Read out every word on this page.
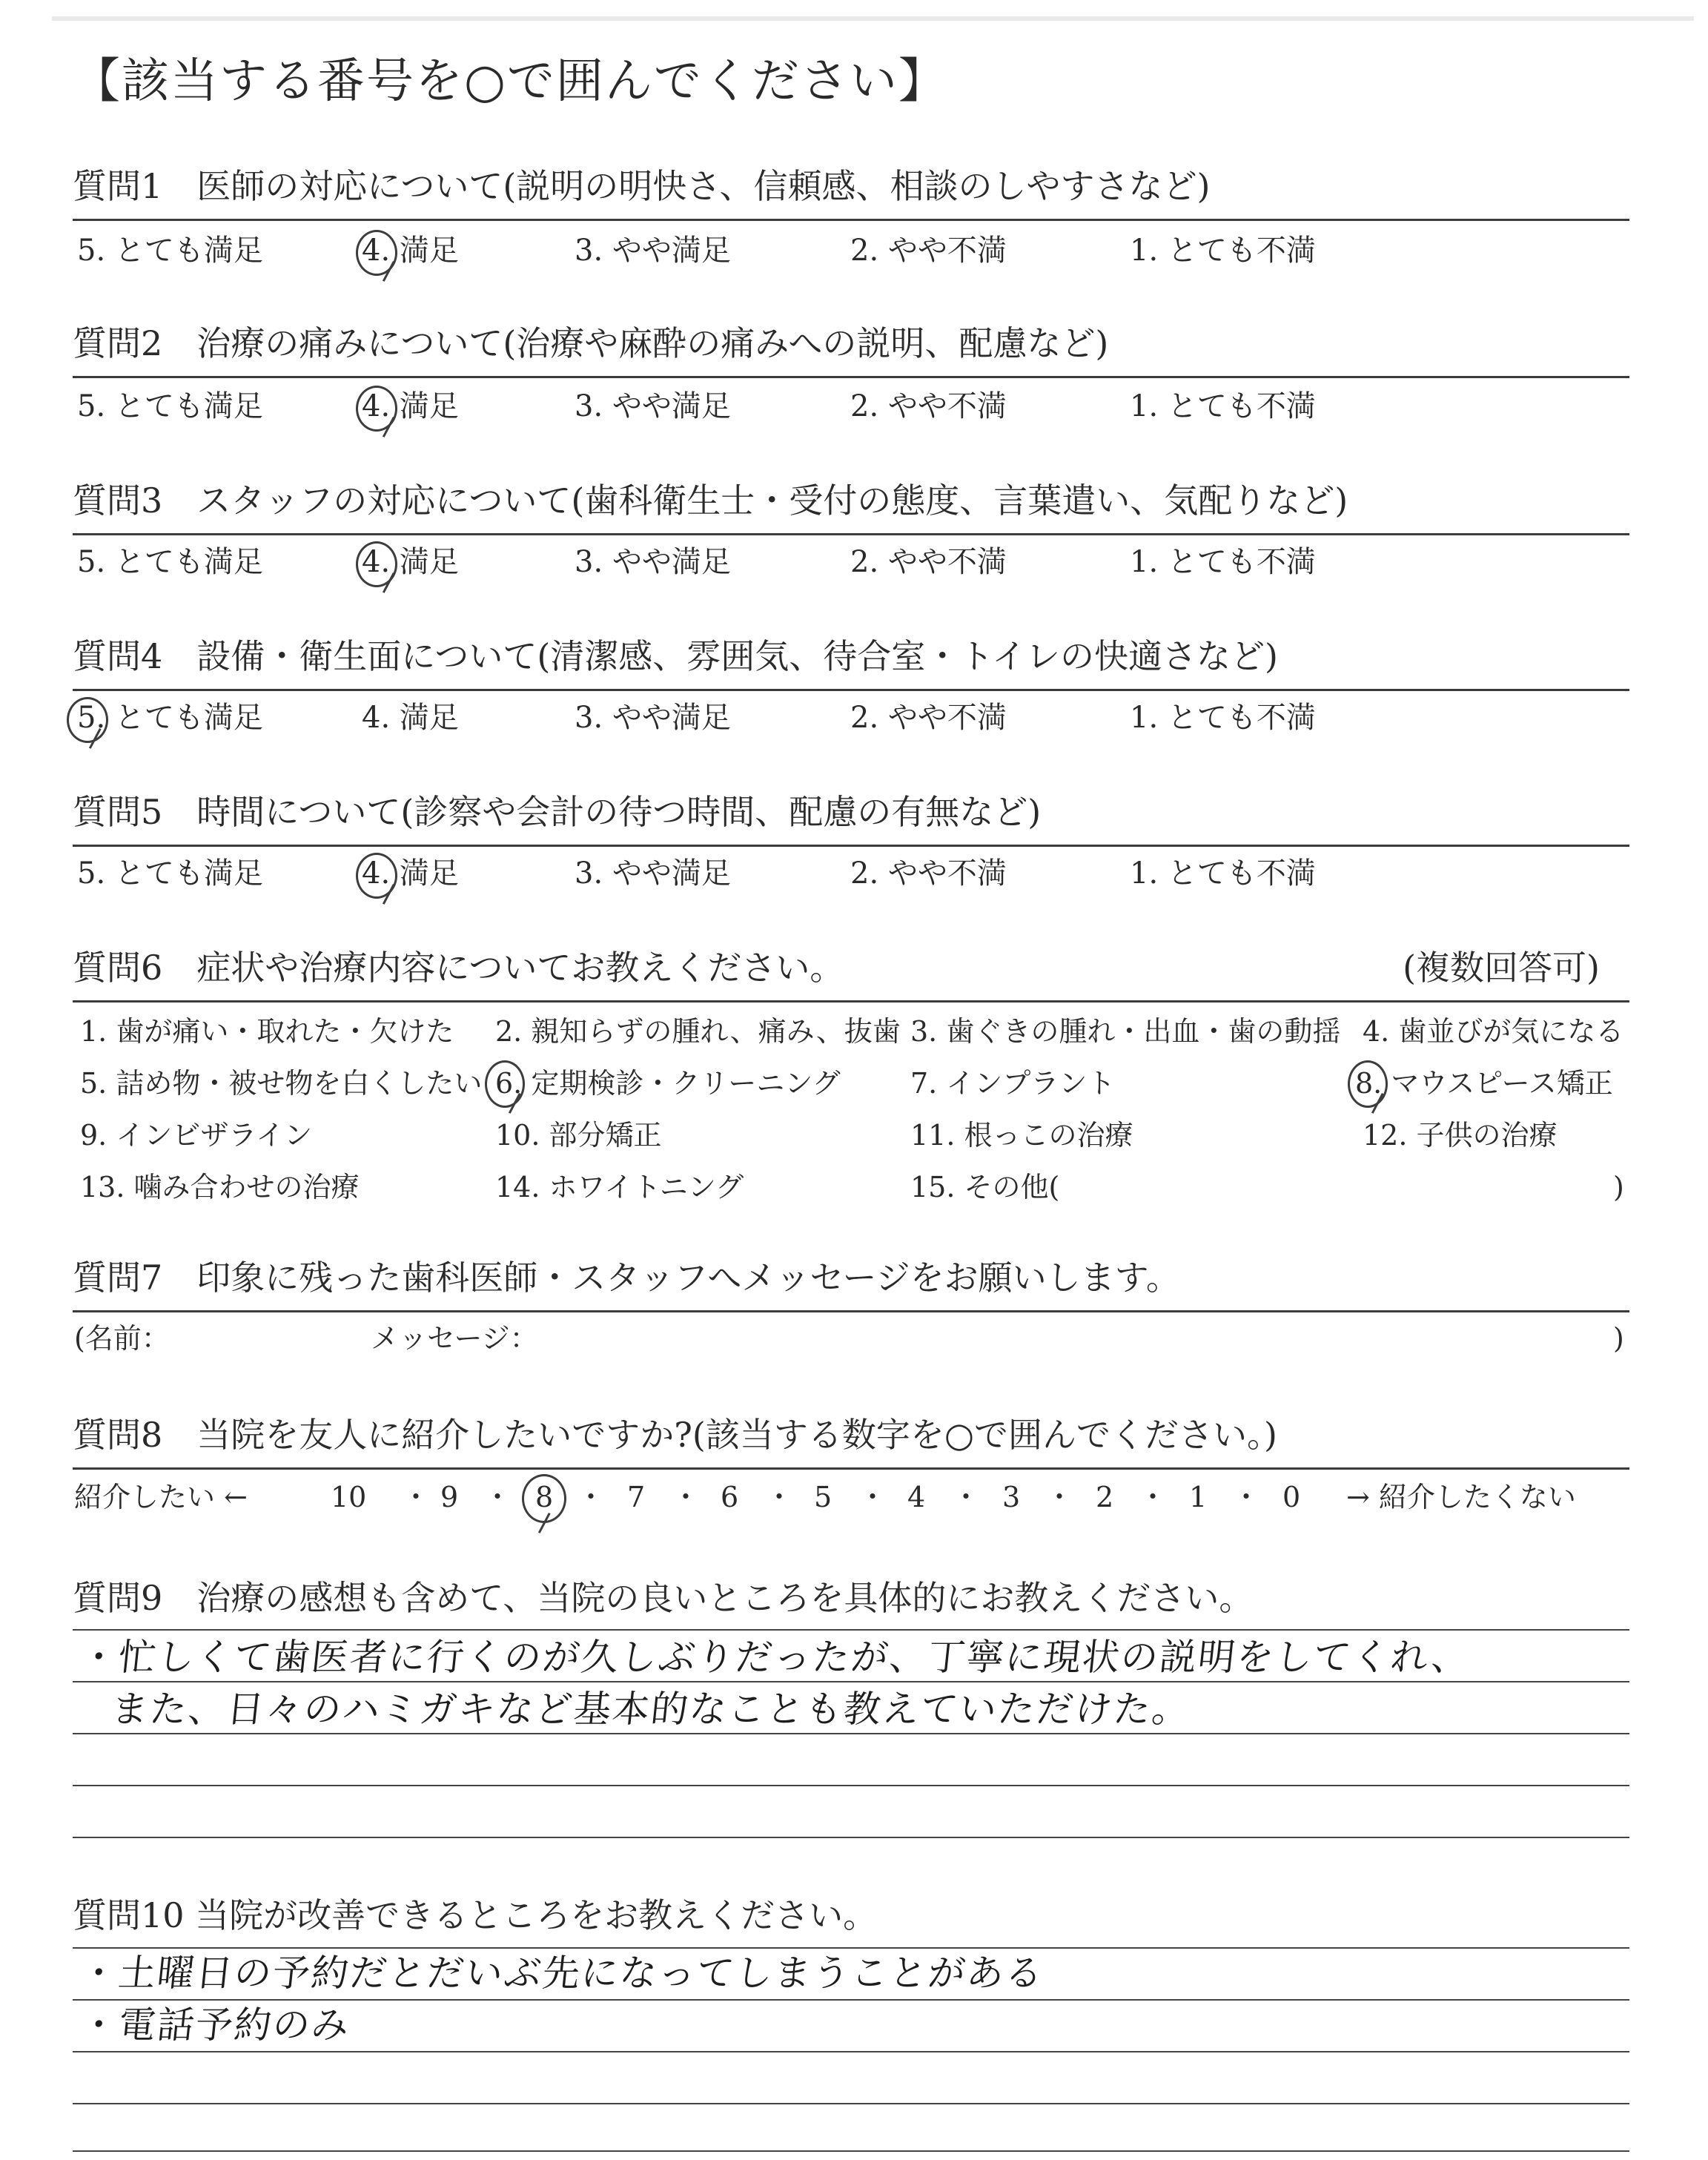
【該当する番号を○で囲んでください】
質問1　医師の対応について(説明の明快さ、信頼感、相談のしやすさなど)
5. とても満足	4. 満足	3. やや満足	2. やや不満	1. とても不満
質問2　治療の痛みについて(治療や麻酔の痛みへの説明、配慮など)
5. とても満足	4. 満足	3. やや満足	2. やや不満	1. とても不満
質問3　スタッフの対応について(歯科衛生士・受付の態度、言葉遣い、気配りなど)
5. とても満足	4. 満足	3. やや満足	2. やや不満	1. とても不満
質問4　設備・衛生面について(清潔感、雰囲気、待合室・トイレの快適さなど)
5. とても満足	4. 満足	3. やや満足	2. やや不満	1. とても不満
質問5　時間について(診察や会計の待つ時間、配慮の有無など)
5. とても満足	4. 満足	3. やや満足	2. やや不満	1. とても不満
質問6　症状や治療内容についてお教えください。	(複数回答可)
1. 歯が痛い・取れた・欠けた 2. 親知らずの腫れ、痛み、抜歯 3. 歯ぐきの腫れ・出血・歯の動揺 4. 歯並びが気になる
5. 詰め物・被せ物を白くしたい 6. 定期検診・クリーニング 7. インプラント	8. マウスピース矯正
9. インビザライン	10. 部分矯正	11. 根っこの治療	12. 子供の治療
13. 噛み合わせの治療	14. ホワイトニング	15. その他(	)
質問7　印象に残った歯科医師・スタッフへメッセージをお願いします。
(名前：	メッセージ：	)
質問8　当院を友人に紹介したいですか?(該当する数字を○で囲んでください。)
紹介したい ←	10 ・ 9 ・ 8 ・ 7 ・ 6 ・ 5 ・ 4 ・ 3 ・ 2 ・ 1 ・ 0 → 紹介したくない
質問9　治療の感想も含めて、当院の良いところを具体的にお教えください。
・忙しくて歯医者に行くのが久しぶりだったが、丁寧に現状の説明をしてくれ、
また、日々のハミガキなど基本的なことも教えていただけた。
質問10 当院が改善できるところをお教えください。
・土曜日の予約だとだいぶ先になってしまうことがある
・電話予約のみ
